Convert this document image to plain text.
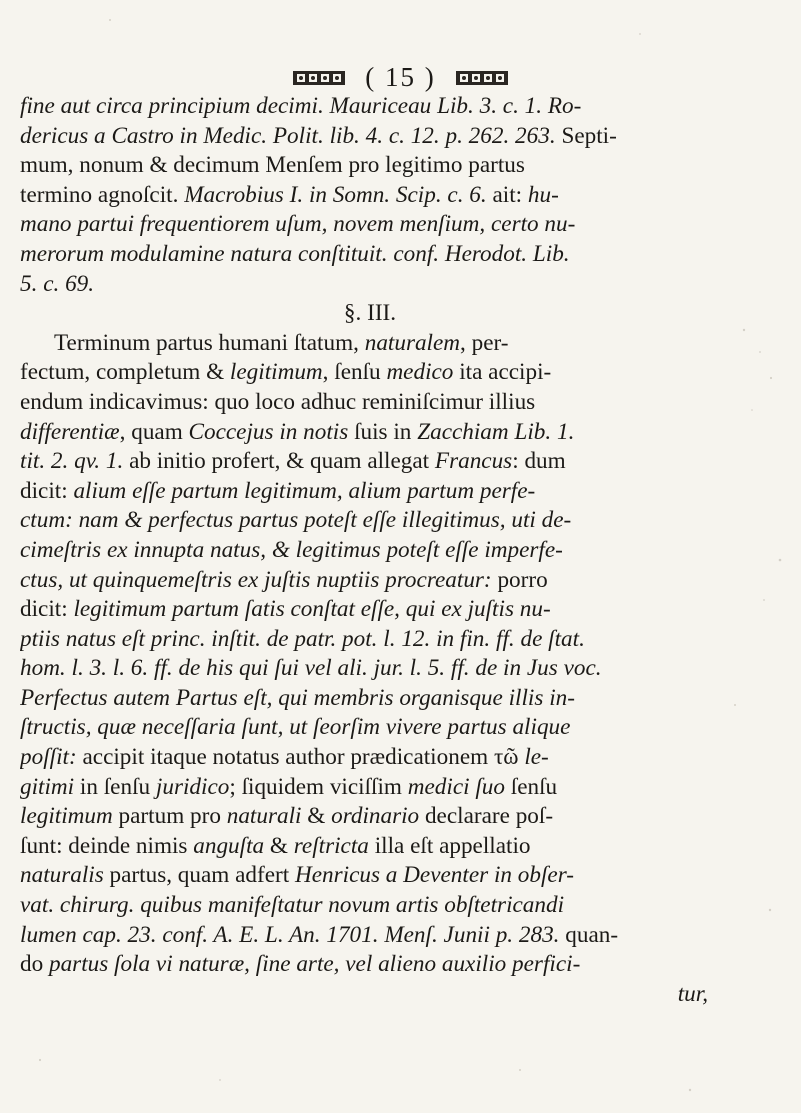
( 15 )
fine aut circa principium decimi. Mauriceau Lib. 3. c. 1. Ro-
dericus a Castro in Medic. Polit. lib. 4. c. 12. p. 262. 263. Septi-
mum, nonum & decimum Menſem pro legitimo partus
termino agnoſcit. Macrobius I. in Somn. Scip. c. 6. ait: hu-
mano partui frequentiorem uſum, novem menſium, certo nu-
merorum modulamine natura conſtituit. conf. Herodot. Lib.
5. c. 69.
§. III.
Terminum partus humani ſtatum, naturalem, per-
fectum, completum & legitimum, ſenſu medico ita accipi-
endum indicavimus: quo loco adhuc reminiſcimur illius
differentiæ, quam Coccejus in notis ſuis in Zacchiam Lib. 1.
tit. 2. qv. 1. ab initio profert, & quam allegat Francus: dum
dicit: alium eſſe partum legitimum, alium partum perfe-
ctum: nam & perfectus partus poteſt eſſe illegitimus, uti de-
cimeſtris ex innupta natus, & legitimus poteſt eſſe imperfe-
ctus, ut quinquemeſtris ex juſtis nuptiis procreatur: porro
dicit: legitimum partum ſatis conſtat eſſe, qui ex juſtis nu-
ptiis natus eſt princ. inſtit. de patr. pot. l. 12. in fin. ff. de ſtat.
hom. l. 3. l. 6. ff. de his qui ſui vel ali. jur. l. 5. ff. de in Jus voc.
Perfectus autem Partus eſt, qui membris organisque illis in-
ſtructis, quæ neceſſaria ſunt, ut ſeorſim vivere partus alique
poſſit: accipit itaque notatus author prædicationem τῶ le-
gitimi in ſenſu juridico; ſiquidem viciſſim medici ſuo ſenſu
legitimum partum pro naturali & ordinario declarare poſ-
ſunt: deinde nimis anguſta & reſtricta illa eſt appellatio
naturalis partus, quam adfert Henricus a Deventer in obſer-
vat. chirurg. quibus manifeſtatur novum artis obſtetricandi
lumen cap. 23. conf. A. E. L. An. 1701. Menſ. Junii p. 283. quan-
do partus ſola vi naturæ, ſine arte, vel alieno auxilio perfici-
tur,
